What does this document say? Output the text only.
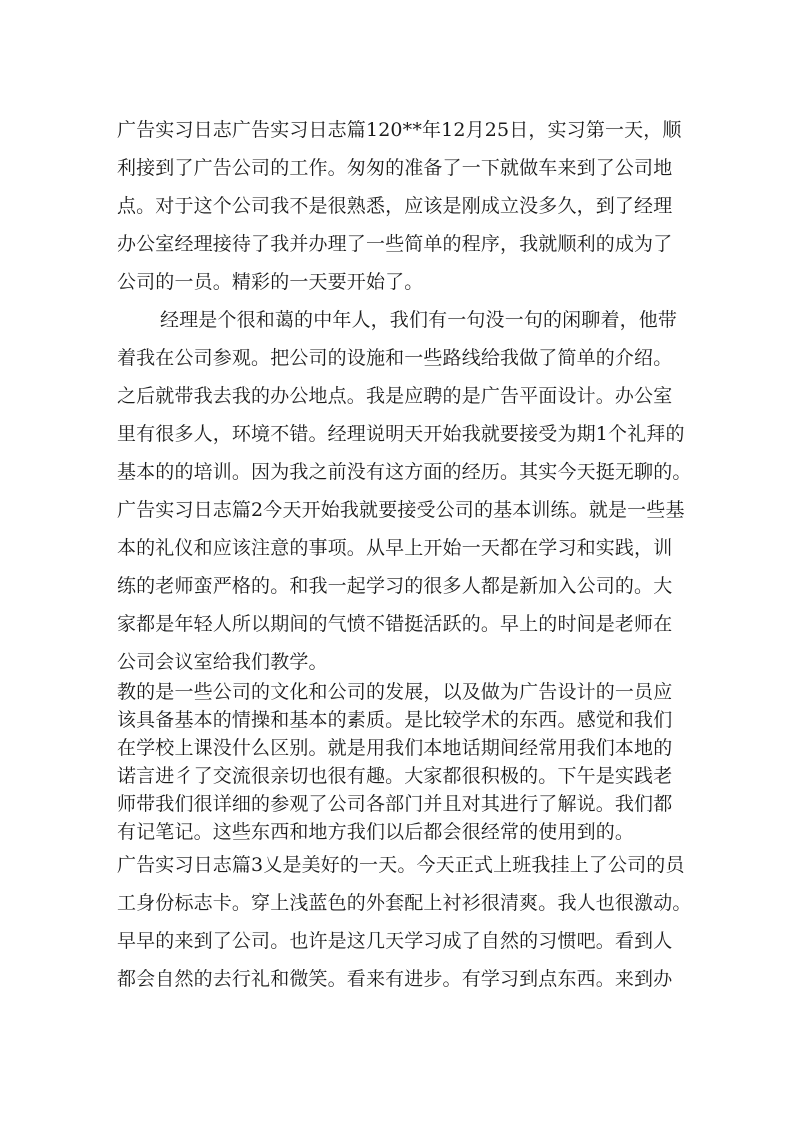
广告实习日志广告实习日志篇120**年12月25日，实习第一天，顺
利接到了广告公司的工作。匆匆的准备了一下就做车来到了公司地
点。对于这个公司我不是很熟悉，应该是刚成立没多久，到了经理
办公室经理接待了我并办理了一些简单的程序，我就顺利的成为了
公司的一员。精彩的一天要开始了。
经理是个很和蔼的中年人，我们有一句没一句的闲聊着，他带
着我在公司参观。把公司的设施和一些路线给我做了简单的介绍。
之后就带我去我的办公地点。我是应聘的是广告平面设计。办公室
里有很多人，环境不错。经理说明天开始我就要接受为期1个礼拜的
基本的的培训。因为我之前没有这方面的经历。其实今天挺无聊的。
广告实习日志篇2今天开始我就要接受公司的基本训练。就是一些基
本的礼仪和应该注意的事项。从早上开始一天都在学习和实践，训
练的老师蛮严格的。和我一起学习的很多人都是新加入公司的。大
家都是年轻人所以期间的气愤不错挺活跃的。早上的时间是老师在
公司会议室给我们教学。
教的是一些公司的文化和公司的发展，以及做为广告设计的一员应
该具备基本的情操和基本的素质。是比较学术的东西。感觉和我们
在学校上课没什么区别。就是用我们本地话期间经常用我们本地的
诺言进彳了交流很亲切也很有趣。大家都很积极的。下午是实践老
师带我们很详细的参观了公司各部门并且对其进行了解说。我们都
有记笔记。这些东西和地方我们以后都会很经常的使用到的。
广告实习日志篇3乂是美好的一天。今天正式上班我挂上了公司的员
工身份标志卡。穿上浅蓝色的外套配上衬衫很清爽。我人也很激动。
早早的来到了公司。也许是这几天学习成了自然的习惯吧。看到人
都会自然的去行礼和微笑。看来有进步。有学习到点东西。来到办
